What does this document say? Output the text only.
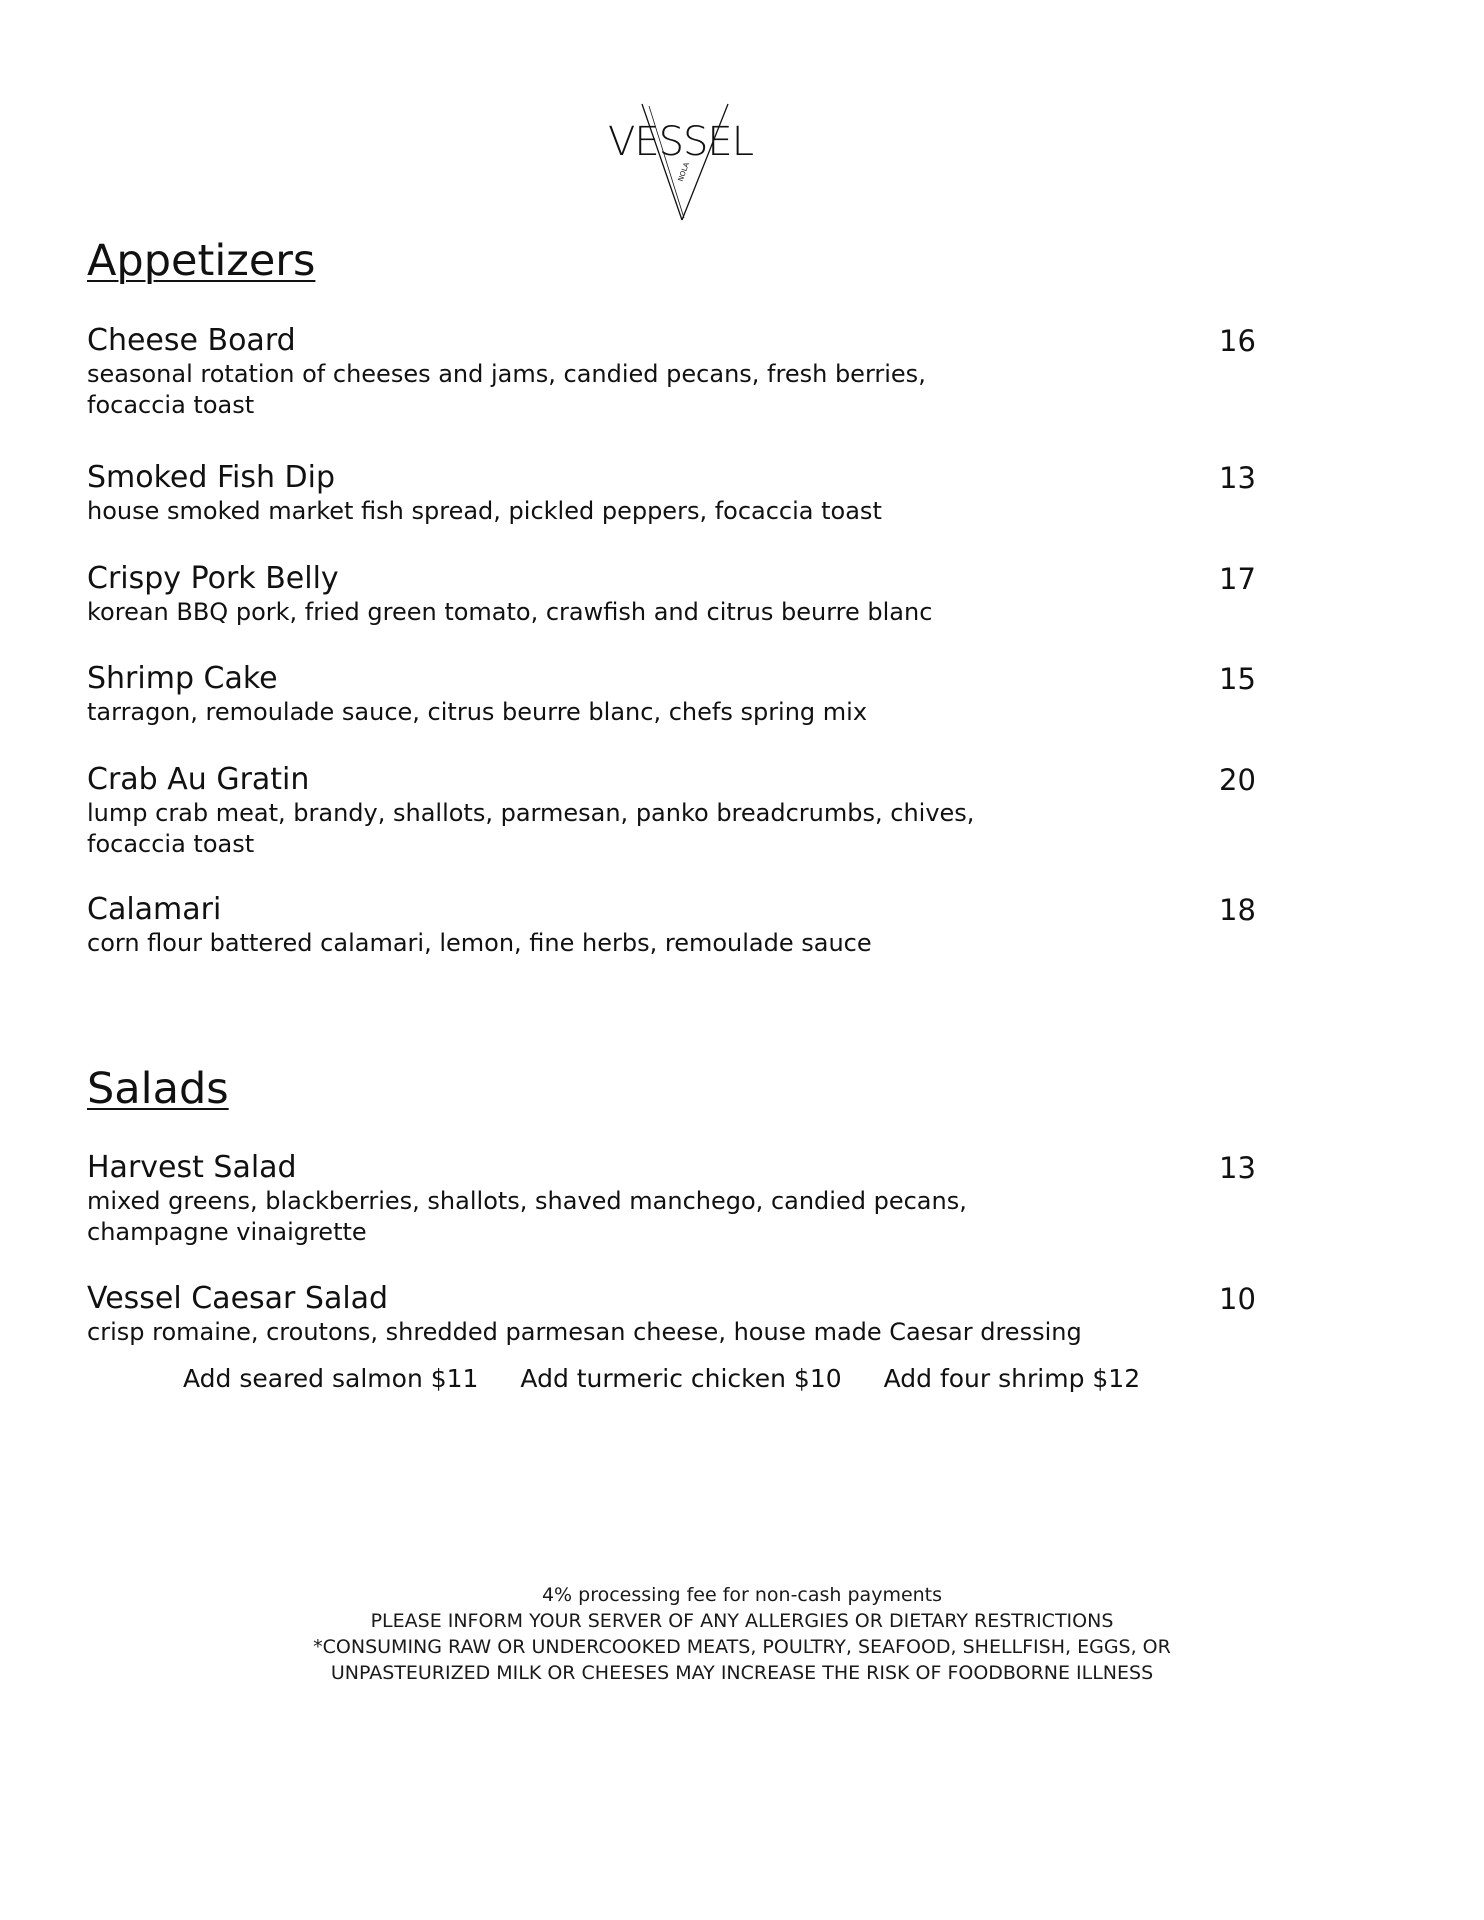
VESSEL
NOLA
Appetizers
Cheese Board	16
seasonal rotation of cheeses and jams, candied pecans, fresh berries,
focaccia toast
Smoked Fish Dip	13
house smoked market fish spread, pickled peppers, focaccia toast
Crispy Pork Belly	17
korean BBQ pork, fried green tomato, crawfish and citrus beurre blanc
Shrimp Cake	15
tarragon, remoulade sauce, citrus beurre blanc, chefs spring mix
Crab Au Gratin	20
lump crab meat, brandy, shallots, parmesan, panko breadcrumbs, chives,
focaccia toast
Calamari	18
corn flour battered calamari, lemon, fine herbs, remoulade sauce
Salads
Harvest Salad	13
mixed greens, blackberries, shallots, shaved manchego, candied pecans,
champagne vinaigrette
Vessel Caesar Salad	10
crisp romaine, croutons, shredded parmesan cheese, house made Caesar dressing
Add seared salmon $11 Add turmeric chicken $10 Add four shrimp $12
4% processing fee for non-cash payments
PLEASE INFORM YOUR SERVER OF ANY ALLERGIES OR DIETARY RESTRICTIONS
*CONSUMING RAW OR UNDERCOOKED MEATS, POULTRY, SEAFOOD, SHELLFISH, EGGS, OR
UNPASTEURIZED MILK OR CHEESES MAY INCREASE THE RISK OF FOODBORNE ILLNESS
